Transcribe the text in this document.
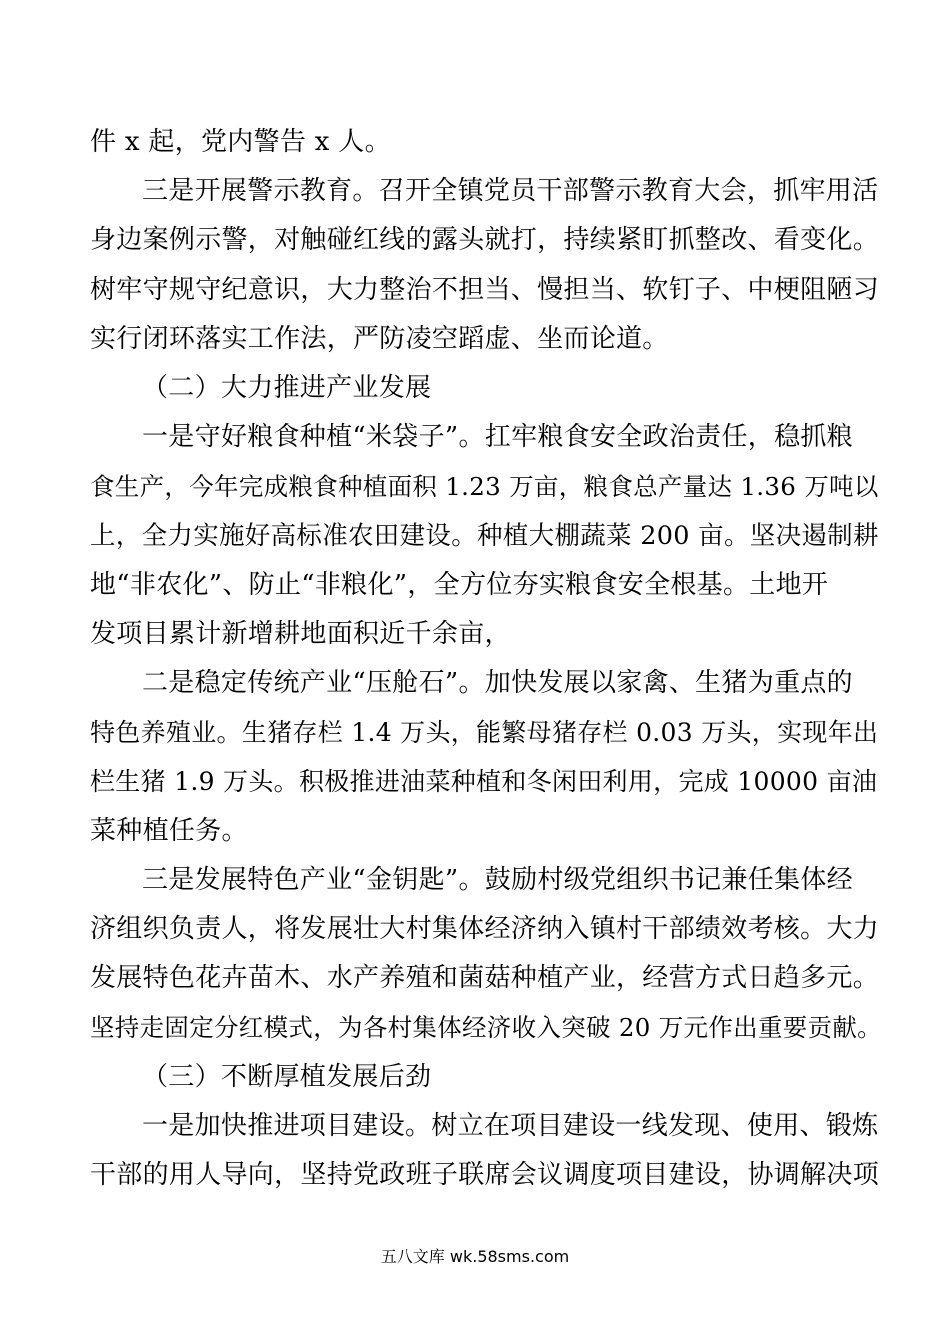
件 x 起，党内警告 x 人。
三是开展警示教育。召开全镇党员干部警示教育大会，抓牢用活
身边案例示警，对触碰红线的露头就打，持续紧盯抓整改、看变化。
树牢守规守纪意识，大力整治不担当、慢担当、软钉子、中梗阻陋习
实行闭环落实工作法，严防凌空蹈虚、坐而论道。
（二）大力推进产业发展
一是守好粮食种植“米袋子”。扛牢粮食安全政治责任，稳抓粮
食生产，今年完成粮食种植面积 1.23 万亩，粮食总产量达 1.36 万吨以
上，全力实施好高标准农田建设。种植大棚蔬菜 200 亩。坚决遏制耕
地“非农化”、防止“非粮化”，全方位夯实粮食安全根基。土地开
发项目累计新增耕地面积近千余亩，
二是稳定传统产业“压舱石”。加快发展以家禽、生猪为重点的
特色养殖业。生猪存栏 1.4 万头，能繁母猪存栏 0.03 万头，实现年出
栏生猪 1.9 万头。积极推进油菜种植和冬闲田利用，完成 10000 亩油
菜种植任务。
三是发展特色产业“金钥匙”。鼓励村级党组织书记兼任集体经
济组织负责人，将发展壮大村集体经济纳入镇村干部绩效考核。大力
发展特色花卉苗木、水产养殖和菌菇种植产业，经营方式日趋多元。
坚持走固定分红模式，为各村集体经济收入突破 20 万元作出重要贡献。
（三）不断厚植发展后劲
一是加快推进项目建设。树立在项目建设一线发现、使用、锻炼
干部的用人导向，坚持党政班子联席会议调度项目建设，协调解决项
五八文库 wk.58sms.com
